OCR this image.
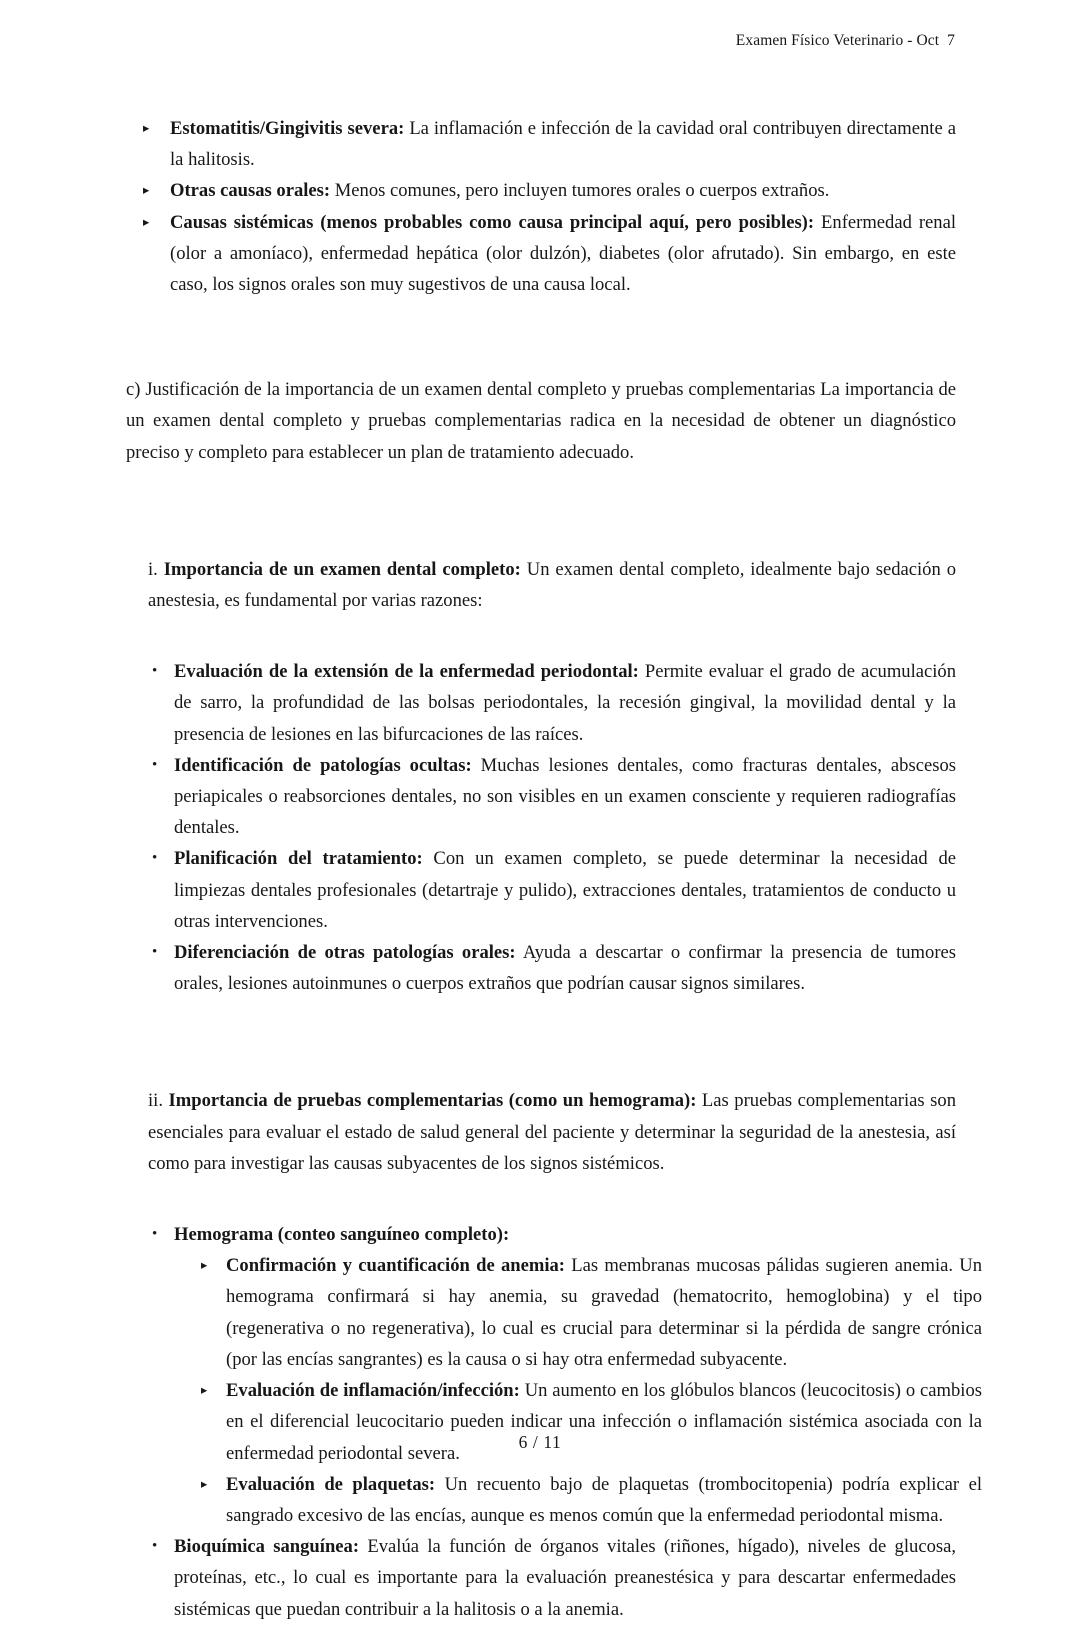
Examen Físico Veterinario - Oct  7
▸	Estomatitis/Gingivitis severa: La inflamación e infección de la cavidad oral contribuyen directamente a la halitosis.
▸	Otras causas orales: Menos comunes, pero incluyen tumores orales o cuerpos extraños.
▸	Causas sistémicas (menos probables como causa principal aquí, pero posibles): Enfermedad renal (olor a amoníaco), enfermedad hepática (olor dulzón), diabetes (olor afrutado). Sin embargo, en este caso, los signos orales son muy sugestivos de una causa local.

c) Justificación de la importancia de un examen dental completo y pruebas complementarias La importancia de un examen dental completo y pruebas complementarias radica en la necesidad de obtener un diagnóstico preciso y completo para establecer un plan de tratamiento adecuado.

i. Importancia de un examen dental completo: Un examen dental completo, idealmente bajo sedación o anestesia, es fundamental por varias razones:

• Evaluación de la extensión de la enfermedad periodontal: Permite evaluar el grado de acumulación de sarro, la profundidad de las bolsas periodontales, la recesión gingival, la movilidad dental y la presencia de lesiones en las bifurcaciones de las raíces.
• Identificación de patologías ocultas: Muchas lesiones dentales, como fracturas dentales, abscesos periapicales o reabsorciones dentales, no son visibles en un examen consciente y requieren radiografías dentales.
• Planificación del tratamiento: Con un examen completo, se puede determinar la necesidad de limpiezas dentales profesionales (detartraje y pulido), extracciones dentales, tratamientos de conducto u otras intervenciones.
• Diferenciación de otras patologías orales: Ayuda a descartar o confirmar la presencia de tumores orales, lesiones autoinmunes o cuerpos extraños que podrían causar signos similares.

ii. Importancia de pruebas complementarias (como un hemograma): Las pruebas complementarias son esenciales para evaluar el estado de salud general del paciente y determinar la seguridad de la anestesia, así como para investigar las causas subyacentes de los signos sistémicos.

• Hemograma (conteo sanguíneo completo):
▸ Confirmación y cuantificación de anemia: Las membranas mucosas pálidas sugieren anemia. Un hemograma confirmará si hay anemia, su gravedad (hematocrito, hemoglobina) y el tipo (regenerativa o no regenerativa), lo cual es crucial para determinar si la pérdida de sangre crónica (por las encías sangrantes) es la causa o si hay otra enfermedad subyacente.
▸ Evaluación de inflamación/infección: Un aumento en los glóbulos blancos (leucocitosis) o cambios en el diferencial leucocitario pueden indicar una infección o inflamación sistémica asociada con la enfermedad periodontal severa.
▸ Evaluación de plaquetas: Un recuento bajo de plaquetas (trombocitopenia) podría explicar el sangrado excesivo de las encías, aunque es menos común que la enfermedad periodontal misma.
• Bioquímica sanguínea: Evalúa la función de órganos vitales (riñones, hígado), niveles de glucosa, proteínas, etc., lo cual es importante para la evaluación preanestésica y para descartar enfermedades sistémicas que puedan contribuir a la halitosis o a la anemia.
6 / 11
